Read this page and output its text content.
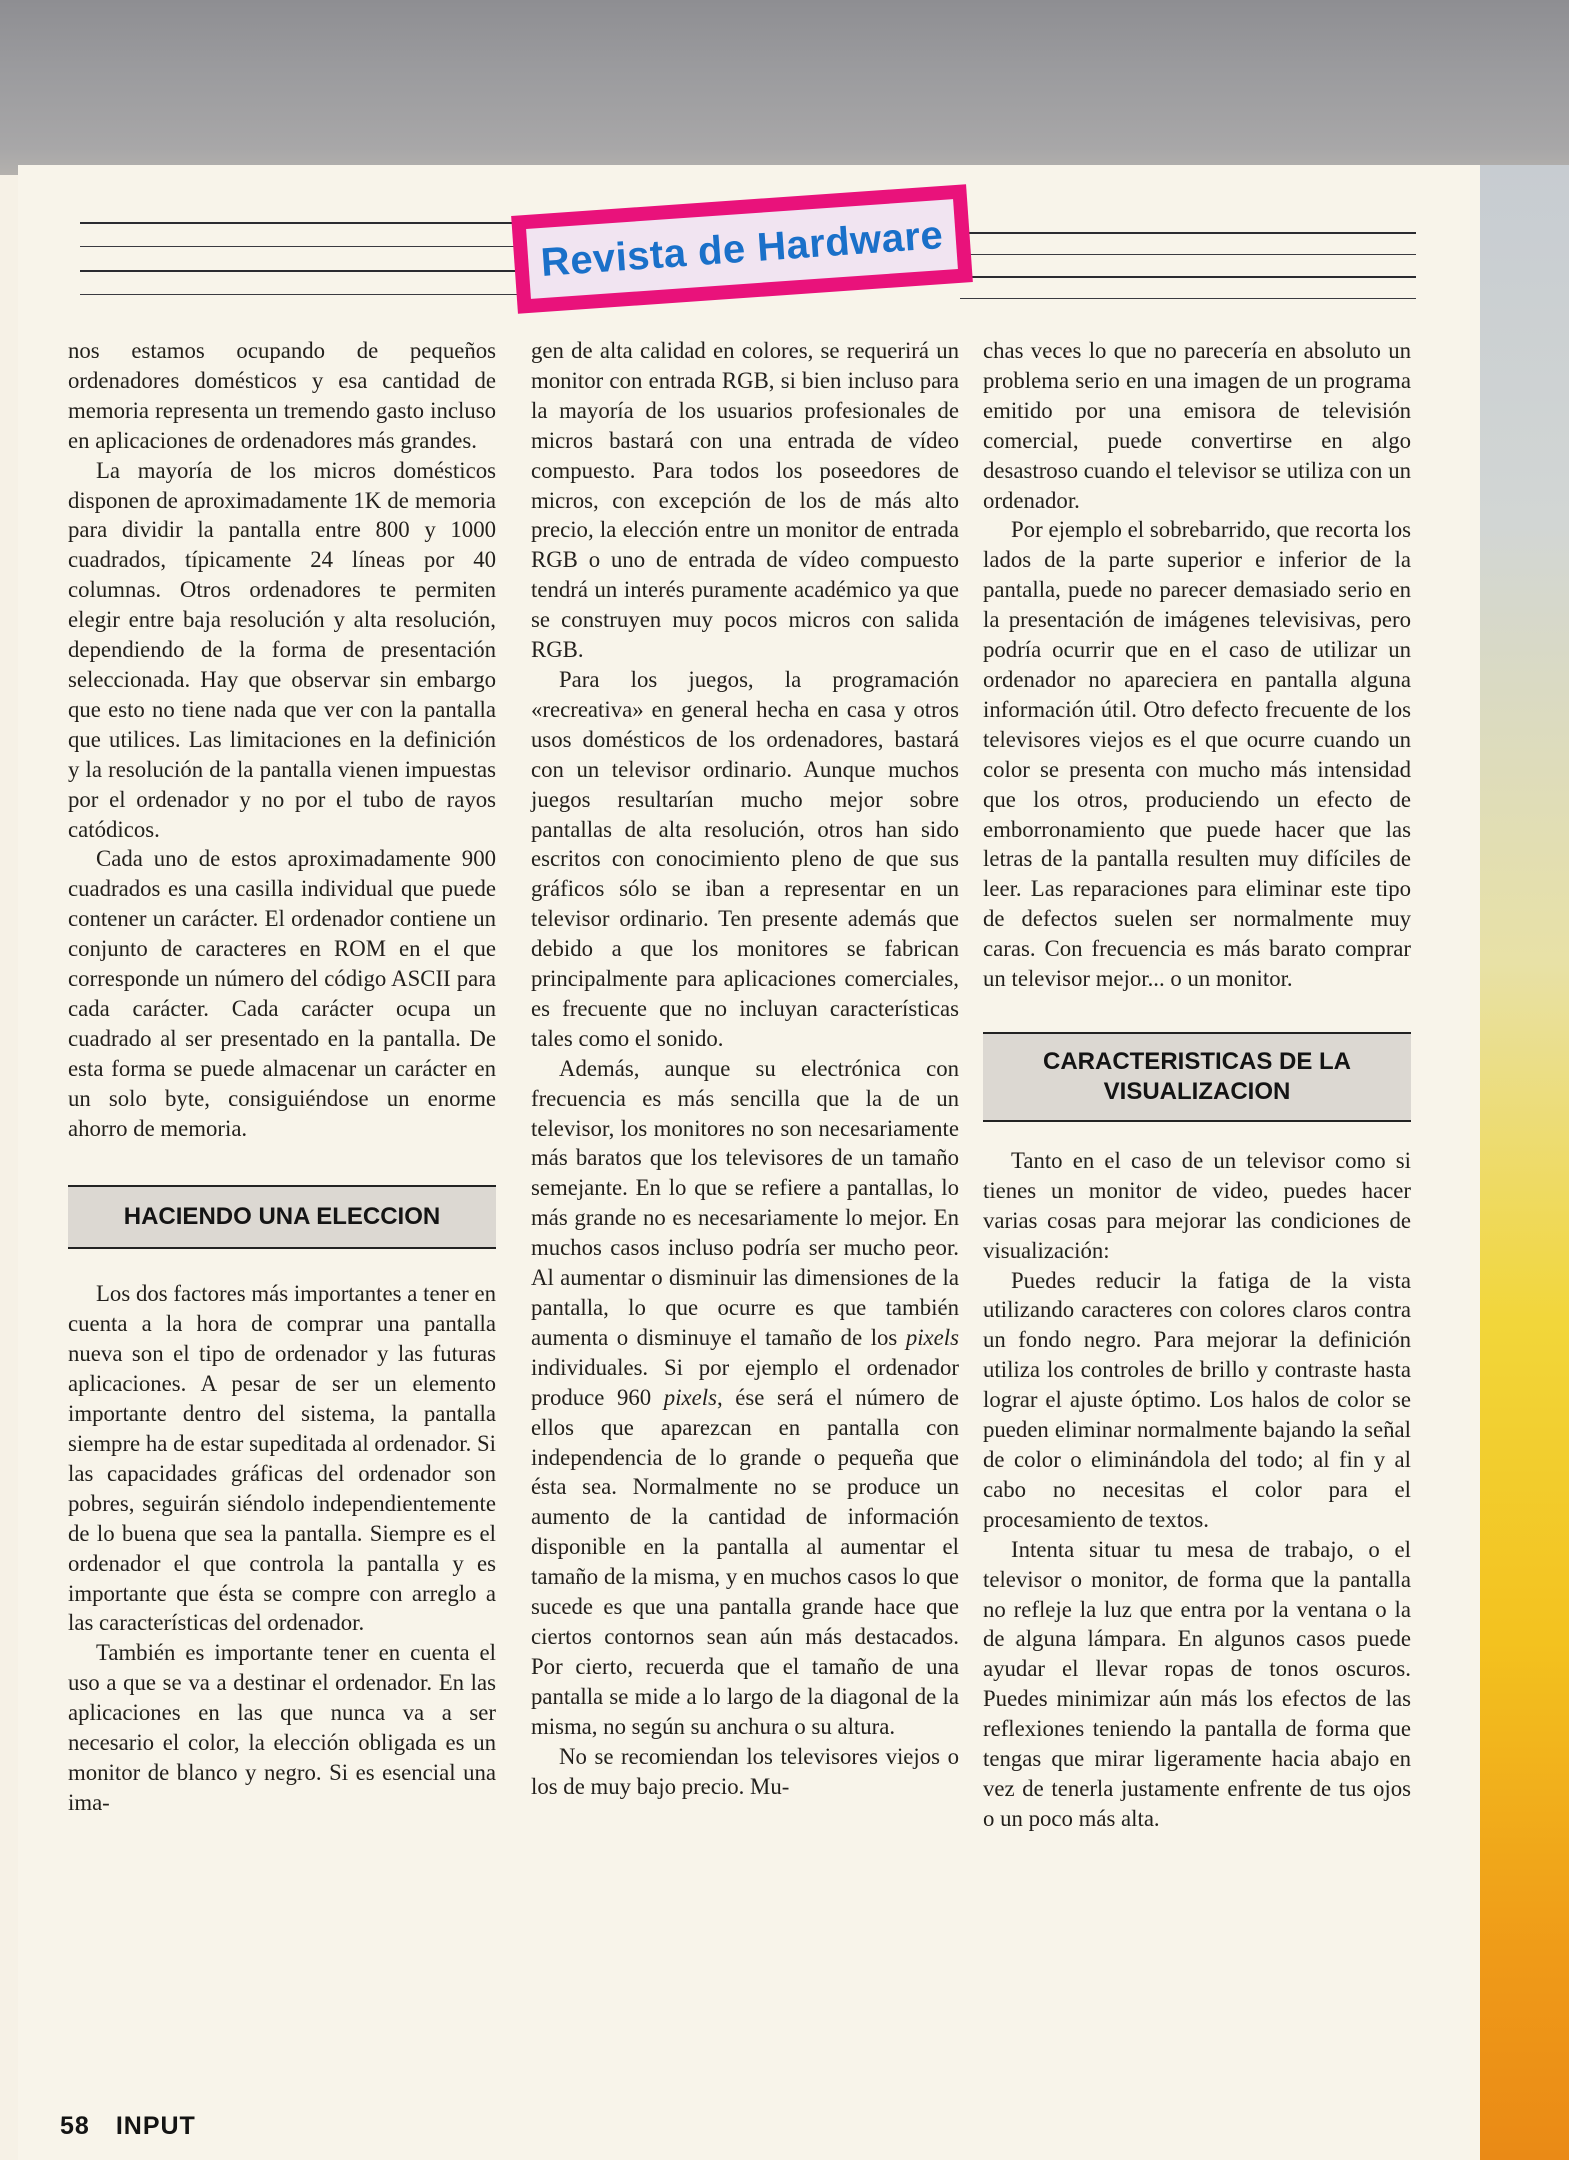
Revista de Hardware

nos estamos ocupando de pequeños ordenadores domésticos y esa cantidad de memoria representa un tremendo gasto incluso en aplicaciones de ordenadores más grandes.

La mayoría de los micros domésticos disponen de aproximadamente 1K de memoria para dividir la pantalla entre 800 y 1000 cuadrados, típicamente 24 líneas por 40 columnas. Otros ordenadores te permiten elegir entre baja resolución y alta resolución, dependiendo de la forma de presentación seleccionada. Hay que observar sin embargo que esto no tiene nada que ver con la pantalla que utilices. Las limitaciones en la definición y la resolución de la pantalla vienen impuestas por el ordenador y no por el tubo de rayos catódicos.

Cada uno de estos aproximadamente 900 cuadrados es una casilla individual que puede contener un carácter. El ordenador contiene un conjunto de caracteres en ROM en el que corresponde un número del código ASCII para cada carácter. Cada carácter ocupa un cuadrado al ser presentado en la pantalla. De esta forma se puede almacenar un carácter en un solo byte, consiguiéndose un enorme ahorro de memoria.

HACIENDO UNA ELECCION

Los dos factores más importantes a tener en cuenta a la hora de comprar una pantalla nueva son el tipo de ordenador y las futuras aplicaciones. A pesar de ser un elemento importante dentro del sistema, la pantalla siempre ha de estar supeditada al ordenador. Si las capacidades gráficas del ordenador son pobres, seguirán siéndolo independientemente de lo buena que sea la pantalla. Siempre es el ordenador el que controla la pantalla y es importante que ésta se compre con arreglo a las características del ordenador.

También es importante tener en cuenta el uso a que se va a destinar el ordenador. En las aplicaciones en las que nunca va a ser necesario el color, la elección obligada es un monitor de blanco y negro. Si es esencial una ima-

gen de alta calidad en colores, se requerirá un monitor con entrada RGB, si bien incluso para la mayoría de los usuarios profesionales de micros bastará con una entrada de vídeo compuesto. Para todos los poseedores de micros, con excepción de los de más alto precio, la elección entre un monitor de entrada RGB o uno de entrada de vídeo compuesto tendrá un interés puramente académico ya que se construyen muy pocos micros con salida RGB.

Para los juegos, la programación «recreativa» en general hecha en casa y otros usos domésticos de los ordenadores, bastará con un televisor ordinario. Aunque muchos juegos resultarían mucho mejor sobre pantallas de alta resolución, otros han sido escritos con conocimiento pleno de que sus gráficos sólo se iban a representar en un televisor ordinario. Ten presente además que debido a que los monitores se fabrican principalmente para aplicaciones comerciales, es frecuente que no incluyan características tales como el sonido.

Además, aunque su electrónica con frecuencia es más sencilla que la de un televisor, los monitores no son necesariamente más baratos que los televisores de un tamaño semejante. En lo que se refiere a pantallas, lo más grande no es necesariamente lo mejor. En muchos casos incluso podría ser mucho peor. Al aumentar o disminuir las dimensiones de la pantalla, lo que ocurre es que también aumenta o disminuye el tamaño de los pixels individuales. Si por ejemplo el ordenador produce 960 pixels, ése será el número de ellos que aparezcan en pantalla con independencia de lo grande o pequeña que ésta sea. Normalmente no se produce un aumento de la cantidad de información disponible en la pantalla al aumentar el tamaño de la misma, y en muchos casos lo que sucede es que una pantalla grande hace que ciertos contornos sean aún más destacados. Por cierto, recuerda que el tamaño de una pantalla se mide a lo largo de la diagonal de la misma, no según su anchura o su altura.

No se recomiendan los televisores viejos o los de muy bajo precio. Mu-

chas veces lo que no parecería en absoluto un problema serio en una imagen de un programa emitido por una emisora de televisión comercial, puede convertirse en algo desastroso cuando el televisor se utiliza con un ordenador.

Por ejemplo el sobrebarrido, que recorta los lados de la parte superior e inferior de la pantalla, puede no parecer demasiado serio en la presentación de imágenes televisivas, pero podría ocurrir que en el caso de utilizar un ordenador no apareciera en pantalla alguna información útil. Otro defecto frecuente de los televisores viejos es el que ocurre cuando un color se presenta con mucho más intensidad que los otros, produciendo un efecto de emborronamiento que puede hacer que las letras de la pantalla resulten muy difíciles de leer. Las reparaciones para eliminar este tipo de defectos suelen ser normalmente muy caras. Con frecuencia es más barato comprar un televisor mejor... o un monitor.

CARACTERISTICAS DE LA
VISUALIZACION

Tanto en el caso de un televisor como si tienes un monitor de video, puedes hacer varias cosas para mejorar las condiciones de visualización:

Puedes reducir la fatiga de la vista utilizando caracteres con colores claros contra un fondo negro. Para mejorar la definición utiliza los controles de brillo y contraste hasta lograr el ajuste óptimo. Los halos de color se pueden eliminar normalmente bajando la señal de color o eliminándola del todo; al fin y al cabo no necesitas el color para el procesamiento de textos.

Intenta situar tu mesa de trabajo, o el televisor o monitor, de forma que la pantalla no refleje la luz que entra por la ventana o la de alguna lámpara. En algunos casos puede ayudar el llevar ropas de tonos oscuros. Puedes minimizar aún más los efectos de las reflexiones teniendo la pantalla de forma que tengas que mirar ligeramente hacia abajo en vez de tenerla justamente enfrente de tus ojos o un poco más alta.

58 INPUT
